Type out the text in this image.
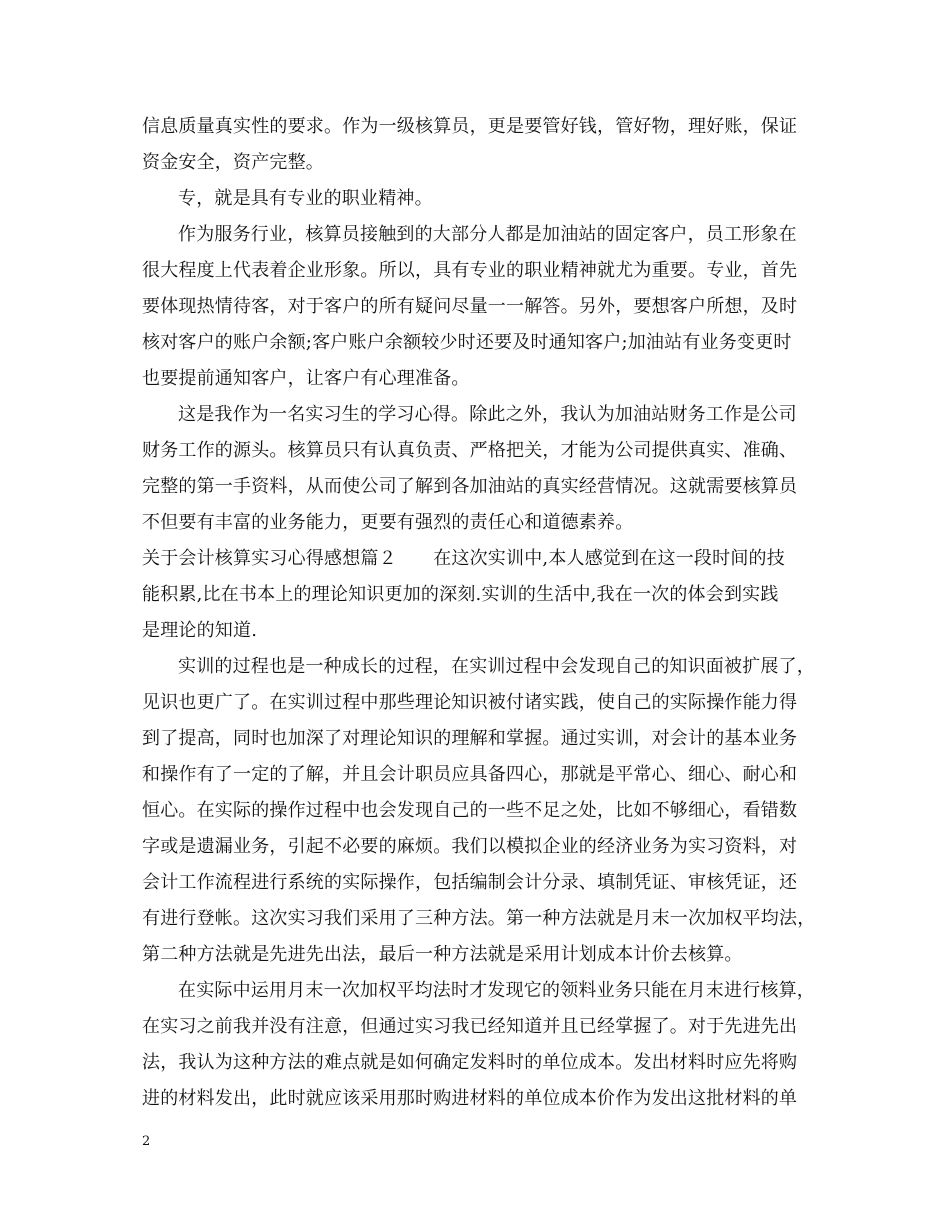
信息质量真实性的要求。作为一级核算员，更是要管好钱，管好物，理好账，保证
资金安全，资产完整。
专，就是具有专业的职业精神。
作为服务行业，核算员接触到的大部分人都是加油站的固定客户，员工形象在
很大程度上代表着企业形象。所以，具有专业的职业精神就尤为重要。专业，首先
要体现热情待客，对于客户的所有疑问尽量一一解答。另外，要想客户所想，及时
核对客户的账户余额;客户账户余额较少时还要及时通知客户;加油站有业务变更时
也要提前通知客户，让客户有心理准备。
这是我作为一名实习生的学习心得。除此之外，我认为加油站财务工作是公司
财务工作的源头。核算员只有认真负责、严格把关，才能为公司提供真实、准确、
完整的第一手资料，从而使公司了解到各加油站的真实经营情况。这就需要核算员
不但要有丰富的业务能力，更要有强烈的责任心和道德素养。
关于会计核算实习心得感想篇２　　在这次实训中,本人感觉到在这一段时间的技
能积累,比在书本上的理论知识更加的深刻.实训的生活中,我在一次的体会到实践
是理论的知道.
实训的过程也是一种成长的过程，在实训过程中会发现自己的知识面被扩展了，
见识也更广了。在实训过程中那些理论知识被付诸实践，使自己的实际操作能力得
到了提高，同时也加深了对理论知识的理解和掌握。通过实训，对会计的基本业务
和操作有了一定的了解，并且会计职员应具备四心，那就是平常心、细心、耐心和
恒心。在实际的操作过程中也会发现自己的一些不足之处，比如不够细心，看错数
字或是遗漏业务，引起不必要的麻烦。我们以模拟企业的经济业务为实习资料，对
会计工作流程进行系统的实际操作，包括编制会计分录、填制凭证、审核凭证，还
有进行登帐。这次实习我们采用了三种方法。第一种方法就是月末一次加权平均法，
第二种方法就是先进先出法，最后一种方法就是采用计划成本计价去核算。
在实际中运用月末一次加权平均法时才发现它的领料业务只能在月末进行核算，
在实习之前我并没有注意，但通过实习我已经知道并且已经掌握了。对于先进先出
法，我认为这种方法的难点就是如何确定发料时的单位成本。发出材料时应先将购
进的材料发出，此时就应该采用那时购进材料的单位成本价作为发出这批材料的单
2
